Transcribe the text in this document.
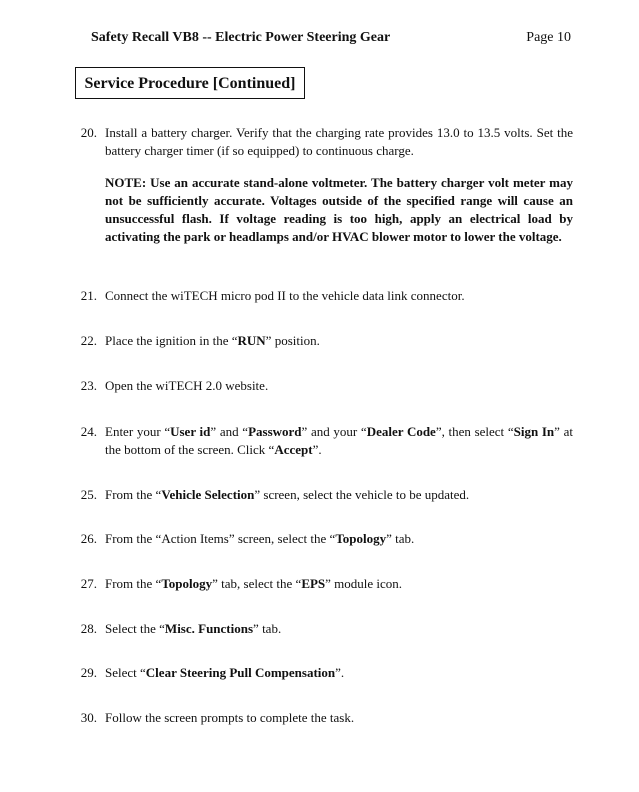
Safety Recall VB8 -- Electric Power Steering Gear	Page 10
Service Procedure [Continued]
20. Install a battery charger. Verify that the charging rate provides 13.0 to 13.5 volts. Set the battery charger timer (if so equipped) to continuous charge.
NOTE: Use an accurate stand-alone voltmeter. The battery charger volt meter may not be sufficiently accurate. Voltages outside of the specified range will cause an unsuccessful flash. If voltage reading is too high, apply an electrical load by activating the park or headlamps and/or HVAC blower motor to lower the voltage.
21. Connect the wiTECH micro pod II to the vehicle data link connector.
22. Place the ignition in the “RUN” position.
23. Open the wiTECH 2.0 website.
24. Enter your “User id” and “Password” and your “Dealer Code”, then select “Sign In” at the bottom of the screen. Click “Accept”.
25. From the “Vehicle Selection” screen, select the vehicle to be updated.
26. From the “Action Items” screen, select the “Topology” tab.
27. From the “Topology” tab, select the “EPS” module icon.
28. Select the “Misc. Functions” tab.
29. Select “Clear Steering Pull Compensation”.
30. Follow the screen prompts to complete the task.
